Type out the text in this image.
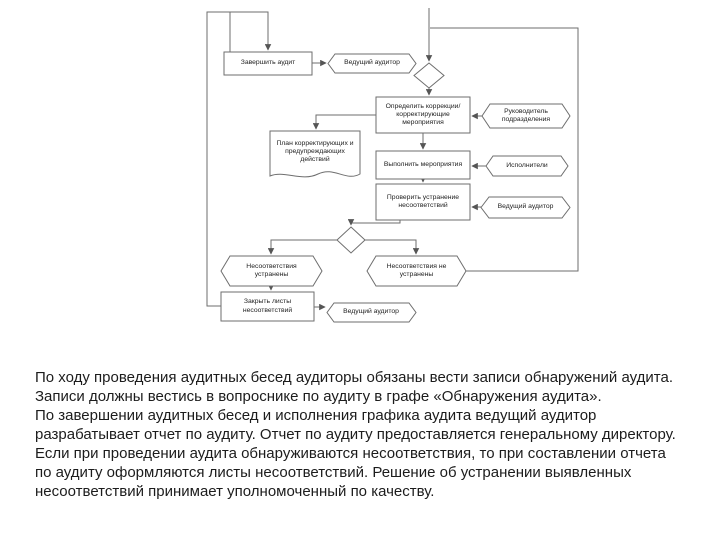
Завершить аудит	Ведущий аудитор
Определить коррекции/ корректирующие мероприятия
Руководитель подразделения
План корректирующих и предупреждающих действий
Выполнить мероприятия	Исполнители
Проверить устранение несоответствий	Ведущий аудитор
Несоответствия устранены
Несоответствия не устранены
Закрыть листы несоответствий	Ведущий аудитор

По ходу проведения аудитных бесед аудиторы обязаны вести записи обнаружений аудита. Записи должны вестись в вопроснике по аудиту в графе «Обнаружения аудита».

По завершении аудитных бесед и исполнения графика аудита ведущий аудитор разрабатывает отчет по аудиту. Отчет по аудиту предоставляется генеральному директору. Если при проведении аудита обнаруживаются несоответствия, то при составлении отчета по аудиту оформляются листы несоответствий. Решение об устранении выявленных несоответствий принимает уполномоченный по качеству.
